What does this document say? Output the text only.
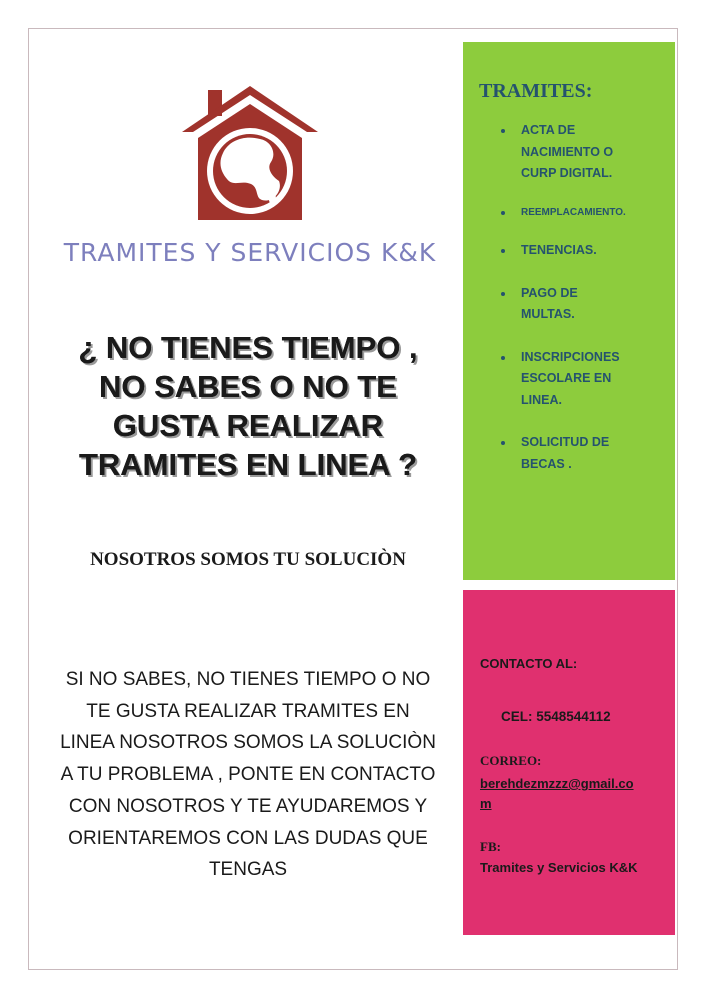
TRAMITES Y SERVICIOS K&K
¿ NO TIENES TIEMPO ,
NO SABES O NO TE
GUSTA REALIZAR
TRAMITES EN LINEA ?
NOSOTROS SOMOS TU SOLUCIÒN
SI NO SABES, NO TIENES TIEMPO O NO
TE GUSTA REALIZAR TRAMITES EN
LINEA NOSOTROS SOMOS LA SOLUCIÒN
A TU PROBLEMA , PONTE EN CONTACTO
CON NOSOTROS Y TE AYUDAREMOS Y
ORIENTAREMOS CON LAS DUDAS QUE
TENGAS
TRAMITES:
ACTA DE
NACIMIENTO O
CURP DIGITAL.
REEMPLACAMIENTO.
TENENCIAS.
PAGO DE
MULTAS.
INSCRIPCIONES
ESCOLARE EN
LINEA.
SOLICITUD DE
BECAS .
CONTACTO AL:
CEL: 5548544112
CORREO:
berehdezmzzz@gmail.co
m
FB:
Tramites y Servicios K&K
